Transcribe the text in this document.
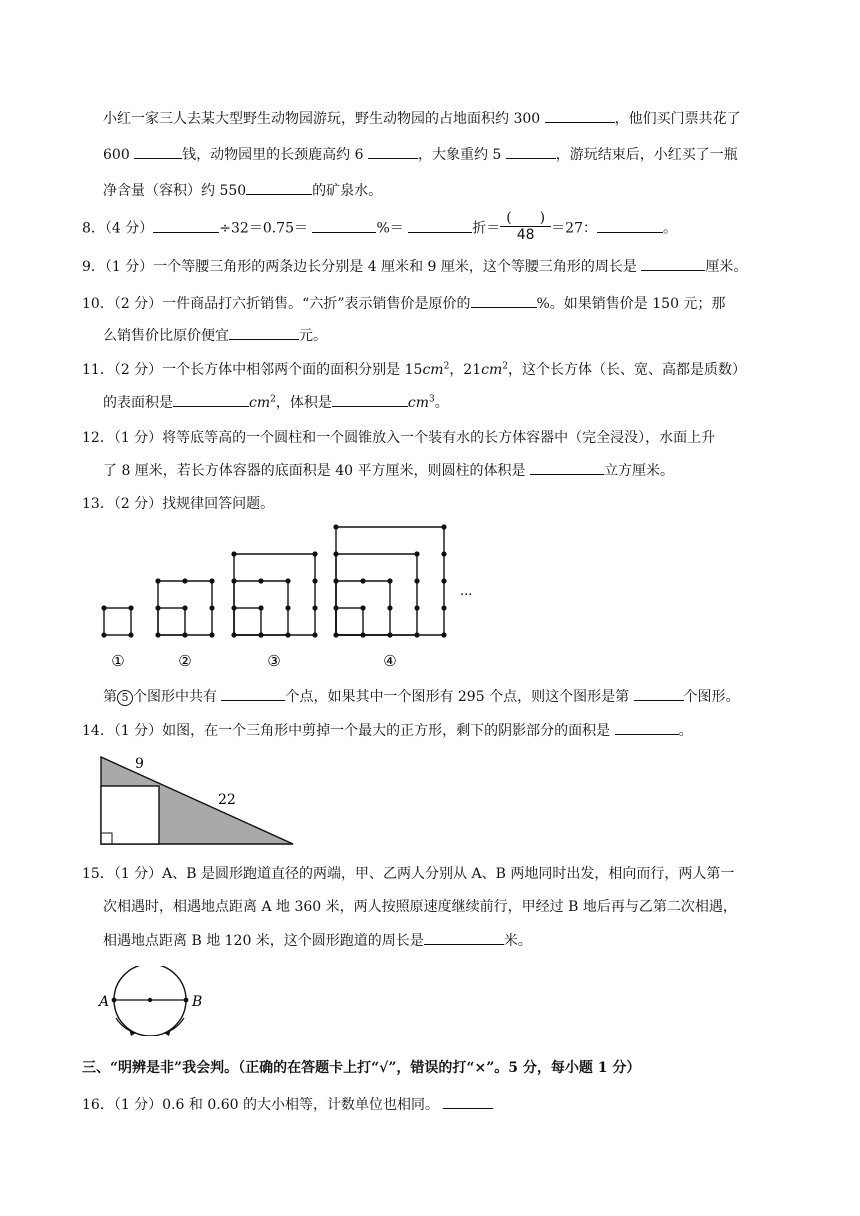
小红一家三人去某大型野生动物园游玩，野生动物园的占地面积约 300	，他们买门票共花了
600	钱，动物园里的长颈鹿高约 6	，大象重约 5	，游玩结束后，小红买了一瓶
净含量（容积）约 550	的矿泉水。
8．（4 分）	÷32＝0.75＝	%＝	折＝ $\frac{( )}{48} =27$：	。
9．（1 分）一个等腰三角形的两条边长分别是 4 厘米和 9 厘米，这个等腰三角形的周长是	厘米。
10．（2 分）一件商品打六折销售。“六折”表示销售价是原价的	%。如果销售价是 150 元；那
么销售价比原价便宜	元。
11．（2 分）一个长方体中相邻两个面的面积分别是 $15cm^2$，$21cm^2$，这个长方体（长、宽、高都是质数）
的表面积是	$cm^2$，体积是	$cm^3$。
12．（1 分）将等底等高的一个圆柱和一个圆锥放入一个装有水的长方体容器中（完全浸没），水面上升
了 8 厘米，若长方体容器的底面积是 40 平方厘米，则圆柱的体积是	立方厘米。
13．（2 分）找规律回答问题。
...
①	②	③	④
第 5 个图形中共有	个点，如果其中一个图形有 295 个点，则这个图形是第	个图形。
14．（1 分）如图，在一个三角形中剪掉一个最大的正方形，剩下的阴影部分的面积是	。
9
22
15．（1 分）A、B 是圆形跑道直径的两端，甲、乙两人分别从 A、B 两地同时出发，相向而行，两人第一
次相遇时，相遇地点距离 A 地 360 米，两人按照原速度继续前行，甲经过 B 地后再与乙第二次相遇，
相遇地点距离 B 地 120 米，这个圆形跑道的周长是	米。
A	B
三、“明辨是非”我会判。（正确的在答题卡上打“√”，错误的打“×”。5 分，每小题 1 分）
16．（1 分）0.6 和 0.60 的大小相等，计数单位也相同。
